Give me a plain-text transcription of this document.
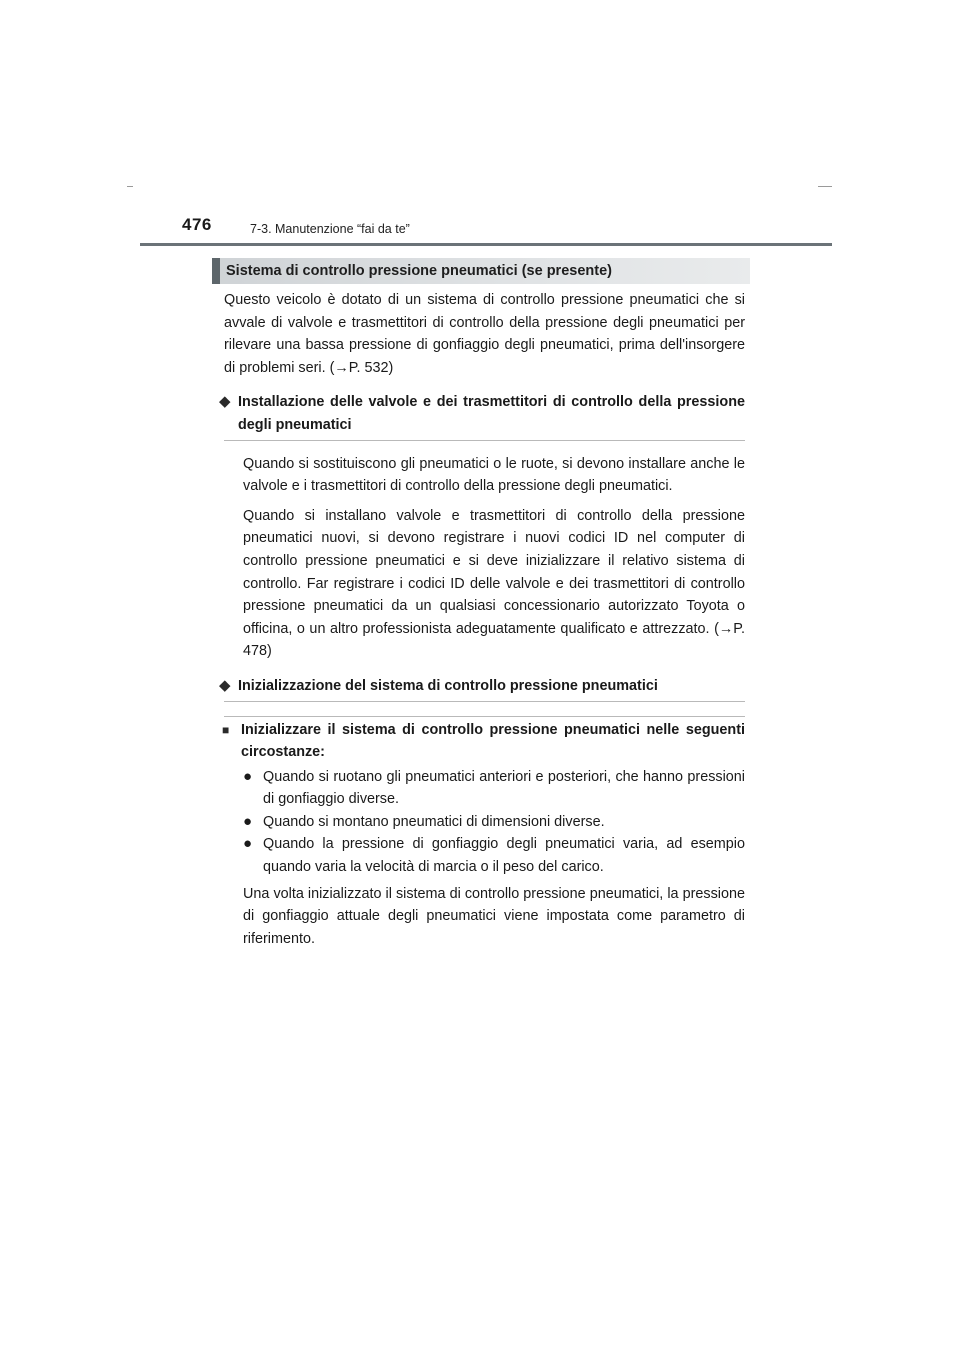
476	7-3. Manutenzione “fai da te”
Sistema di controllo pressione pneumatici (se presente)

Questo veicolo è dotato di un sistema di controllo pressione pneumatici che si avvale di valvole e trasmettitori di controllo della pressione degli pneumatici per rilevare una bassa pressione di gonfiaggio degli pneumatici, prima dell'insorgere di problemi seri. (→P. 532)

◆ Installazione delle valvole e dei trasmettitori di controllo della pressione degli pneumatici

Quando si sostituiscono gli pneumatici o le ruote, si devono installare anche le valvole e i trasmettitori di controllo della pressione degli pneumatici.

Quando si installano valvole e trasmettitori di controllo della pressione pneumatici nuovi, si devono registrare i nuovi codici ID nel computer di controllo pressione pneumatici e si deve inizializzare il relativo sistema di controllo. Far registrare i codici ID delle valvole e dei trasmettitori di controllo pressione pneumatici da un qualsiasi concessionario autorizzato Toyota o officina, o un altro professionista adeguatamente qualificato e attrezzato. (→P. 478)

◆ Inizializzazione del sistema di controllo pressione pneumatici
■ Inizializzare il sistema di controllo pressione pneumatici nelle seguenti circostanze:
● Quando si ruotano gli pneumatici anteriori e posteriori, che hanno pressioni di gonfiaggio diverse.
● Quando si montano pneumatici di dimensioni diverse.
● Quando la pressione di gonfiaggio degli pneumatici varia, ad esempio quando varia la velocità di marcia o il peso del carico.

Una volta inizializzato il sistema di controllo pressione pneumatici, la pressione di gonfiaggio attuale degli pneumatici viene impostata come parametro di riferimento.
